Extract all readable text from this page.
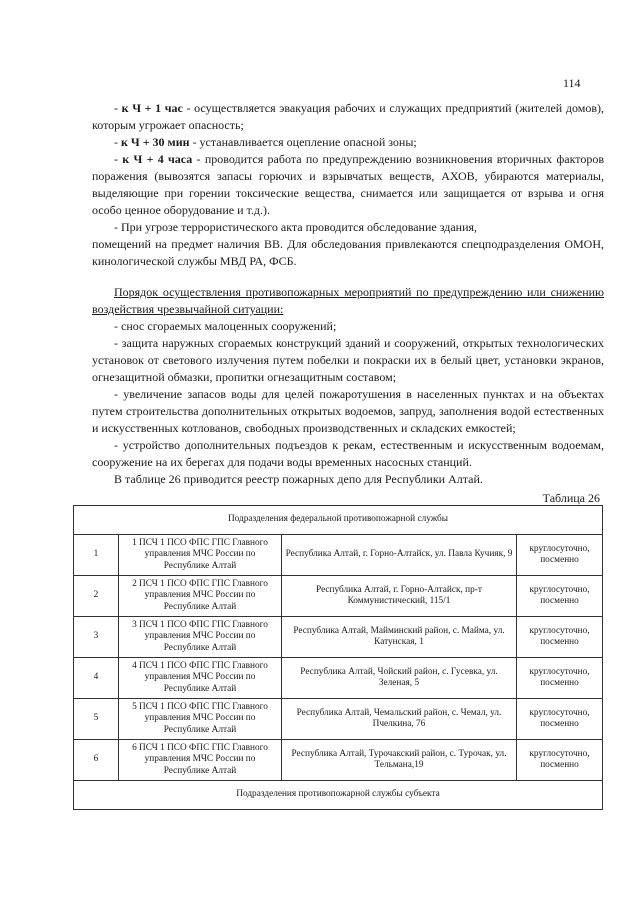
114

- к Ч + 1 час - осуществляется эвакуация рабочих и служащих предприятий (жителей домов), которым угрожает опасность;

- к Ч + 30 мин - устанавливается оцепление опасной зоны;

- к Ч + 4 часа - проводится работа по предупреждению возникновения вторичных факторов поражения (вывозятся запасы горючих и взрывчатых веществ, АХОВ, убираются материалы, выделяющие при горении токсические вещества, снимается или защищается от взрыва и огня особо ценное оборудование и т.д.).

- При угрозе террористического акта проводится обследование здания,

помещений на предмет наличия ВВ. Для обследования привлекаются спецподразделения ОМОН, кинологической службы МВД РА, ФСБ.

Порядок осуществления противопожарных мероприятий по предупреждению или снижению воздействия чрезвычайной ситуации:

- снос сгораемых малоценных сооружений;

- защита наружных сгораемых конструкций зданий и сооружений, открытых технологических установок от светового излучения путем побелки и покраски их в белый цвет, установки экранов, огнезащитной обмазки, пропитки огнезащитным составом;

- увеличение запасов воды для целей пожаротушения в населенных пунктах и на объектах путем строительства дополнительных открытых водоемов, запруд, заполнения водой естественных и искусственных котлованов, свободных производственных и складских емкостей;

- устройство дополнительных подъездов к рекам, естественным и искусственным водоемам, сооружение на их берегах для подачи воды временных насосных станций.

В таблице 26 приводится реестр пожарных депо для Республики Алтай.

Таблица 26
Подразделения федеральной противопожарной службы			
1	1 ПСЧ 1 ПСО ФПС ГПС Главного управления МЧС России по Республике Алтай	Республика Алтай, г. Горно-Алтайск, ул. Павла Кучияк, 9	круглосуточно, посменно
2	2 ПСЧ 1 ПСО ФПС ГПС Главного управления МЧС России по Республике Алтай	Республика Алтай, г. Горно-Алтайск, пр-т Коммунистический, 115/1	круглосуточно, посменно
3	3 ПСЧ 1 ПСО ФПС ГПС Главного управления МЧС России по Республике Алтай	Республика Алтай, Майминский район, с. Майма, ул. Катунская, 1	круглосуточно, посменно
4	4 ПСЧ 1 ПСО ФПС ГПС Главного управления МЧС России по Республике Алтай	Республика Алтай, Чойский район, с. Гусевка, ул. Зеленая, 5	круглосуточно, посменно
5	5 ПСЧ 1 ПСО ФПС ГПС Главного управления МЧС России по Республике Алтай	Республика Алтай, Чемальский район, с. Чемал, ул. Пчелкина, 76	круглосуточно, посменно
6	6 ПСЧ 1 ПСО ФПС ГПС Главного управления МЧС России по Республике Алтай	Республика Алтай, Турочакский район, с. Турочак, ул. Тельмана,19	круглосуточно, посменно
Подразделения противопожарной службы субъекта			
